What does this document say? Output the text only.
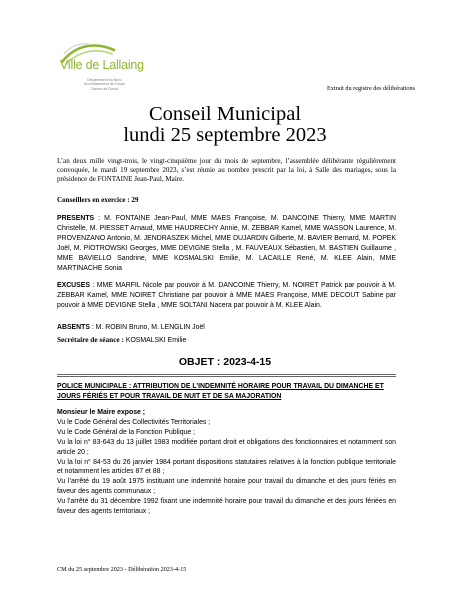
Ville de Lallaing
Département du Nord
Arrondissement de Douai
Canton de Douai	Extrait du registre des délibérations
Conseil Municipal
lundi 25 septembre 2023
L’an deux mille vingt-trois, le vingt-cinquième jour du mois de septembre, l’assemblée délibérante régulièrement convoquée, le mardi 19 septembre 2023, s’est réunie au nombre prescrit par la loi, à Salle des mariages, sous la présidence de FONTAINE Jean-Paul, Maire.
Conseillers en exercice : 29
PRESENTS : M. FONTAINE Jean-Paul, MME MAES Françoise, M. DANCOINE Thierry, MME MARTIN Christelle, M. PIESSET Arnaud, MME HAUDRECHY Annie, M. ZEBBAR Kamel, MME WASSON Laurence, M. PROVENZANO Antonio, M. JENDRASZEK Michel, MME DUJARDIN Gilberte, M. BAVIER Bernard, M. POPEK Joël, M. PIOTROWSKI Georges, MME DEVIGNE Stella , M. FAUVEAUX Sébastien, M. BASTIEN Guillaume , MME BAVIELLO Sandrine, MME KOSMALSKI Emilie, M. LACAILLE René, M. KLEE Alain, MME MARTINACHE Sonia
EXCUSES : MME MARFIL Nicole par pouvoir à M. DANCOINE Thierry, M. NOIRET Patrick par pouvoir à M. ZEBBAR Kamel, MME NOIRET Christiane par pouvoir à MME MAES Françoise, MME DECOUT Sabine par pouvoir à MME DEVIGNE Stella , MME SOLTANI Nacera par pouvoir à M. KLEE Alain.
ABSENTS : M. ROBIN Bruno, M. LENGLIN Joël
Secrétaire de séance : KOSMALSKI Emilie
OBJET : 2023-4-15
POLICE MUNICIPALE : ATTRIBUTION DE L’INDEMNITÉ HORAIRE POUR TRAVAIL DU DIMANCHE ET JOURS FÉRIÉS ET POUR TRAVAIL DE NUIT ET DE SA MAJORATION
Monsieur le Maire expose ;
Vu le Code Général des Collectivités Territoriales ;
Vu le Code Général de la Fonction Publique ;
Vu la loi n° 83-643 du 13 juillet 1983 modifiée portant droit et obligations des fonctionnaires et notamment son article 20 ;
Vu la loi n° 84-53 du 26 janvier 1984 portant dispositions statutaires relatives à la fonction publique territoriale et notamment les articles 87 et 88 ;
Vu l’arrêté du 19 août 1975 instituant une indemnité horaire pour travail du dimanche et des jours fériés en faveur des agents communaux ;
Vu l’arrêté du 31 décembre 1992 fixant une indemnité horaire pour travail du dimanche et des jours fériées en faveur des agents territoriaux ;
CM du 25 septembre 2023 - Délibération 2023-4-15
